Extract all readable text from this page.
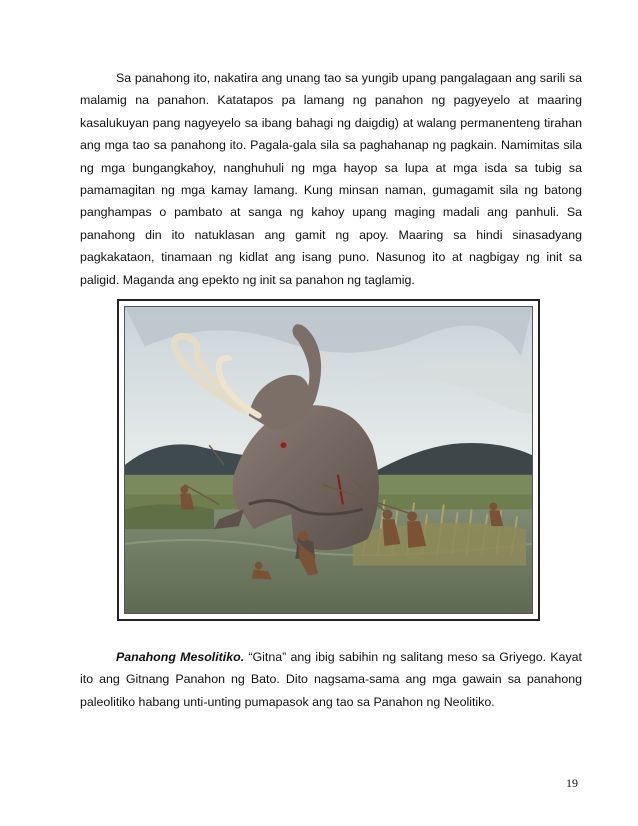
Sa panahong ito, nakatira ang unang tao sa yungib upang pangalagaan ang sarili sa malamig na panahon. Katatapos pa lamang ng panahon ng pagyeyelo at maaring kasalukuyan pang nagyeyelo sa ibang bahagi ng daigdig) at walang permanenteng tirahan ang mga tao sa panahong ito. Pagala-gala sila sa paghahanap ng pagkain. Namimitas sila ng mga bungangkahoy, nanghuhuli ng mga hayop sa lupa at mga isda sa tubig sa pamamagitan ng mga kamay lamang. Kung minsan naman, gumagamit sila ng batong panghampas o pambato at sanga ng kahoy upang maging madali ang panhuli. Sa panahong din ito natuklasan ang gamit ng apoy. Maaring sa hindi sinasadyang pagkakataon, tinamaan ng kidlat ang isang puno. Nasunog ito at nagbigay ng init sa paligid. Maganda ang epekto ng init sa panahon ng taglamig.

Panahong Mesolitiko. “Gitna” ang ibig sabihin ng salitang meso sa Griyego. Kayat ito ang Gitnang Panahon ng Bato. Dito nagsama-sama ang mga gawain sa panahong paleolitiko habang unti-unting pumapasok ang tao sa Panahon ng Neolitiko.

19
